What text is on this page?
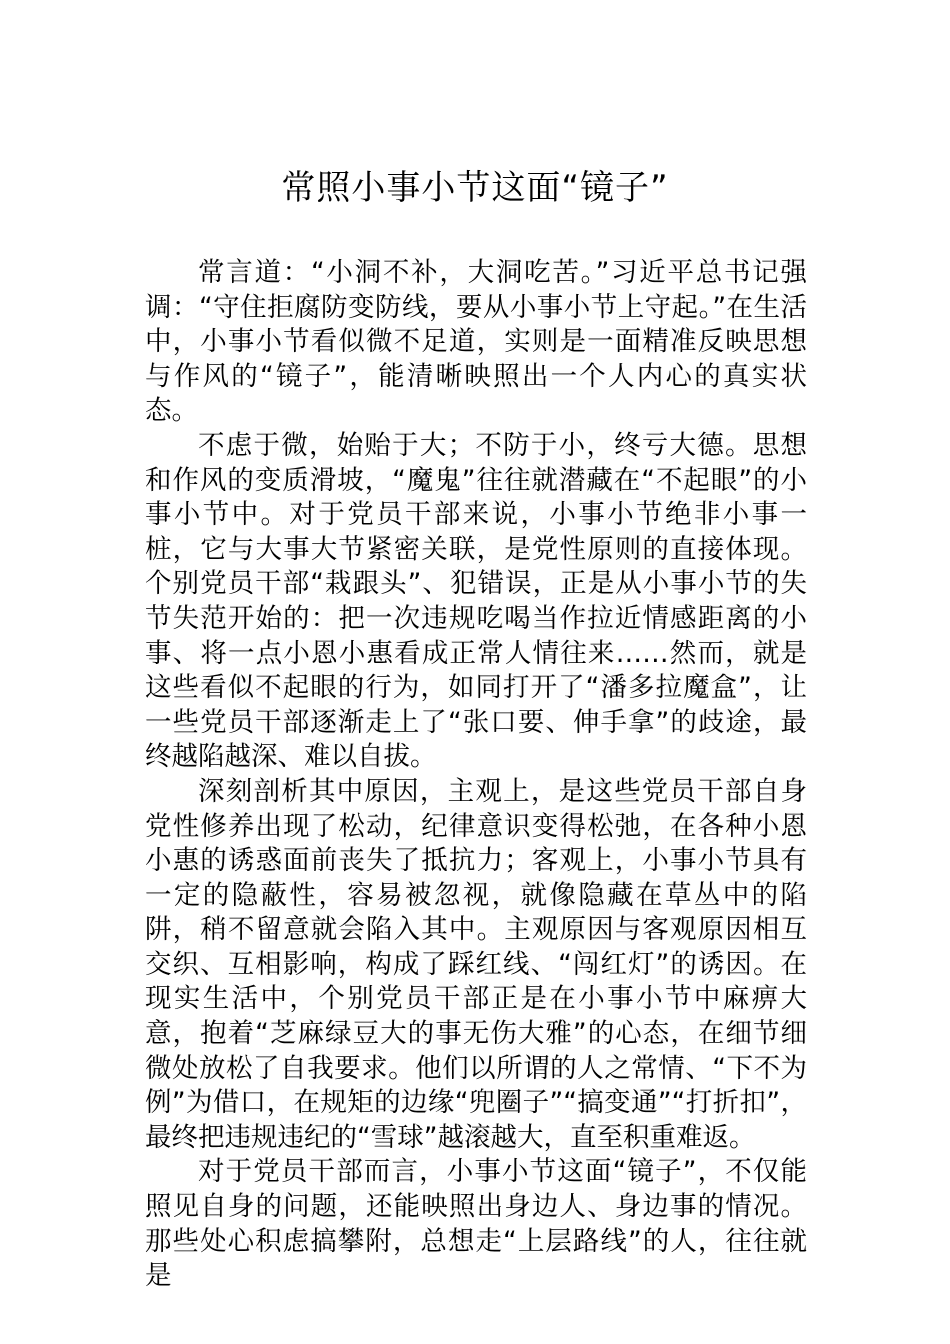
常照小事小节这面“镜子”

常言道：“小洞不补，大洞吃苦。”习近平总书记强调：“守住拒腐防变防线，要从小事小节上守起。”在生活中，小事小节看似微不足道，实则是一面精准反映思想与作风的“镜子”，能清晰映照出一个人内心的真实状态。

不虑于微，始贻于大；不防于小，终亏大德。思想和作风的变质滑坡，“魔鬼”往往就潜藏在“不起眼”的小事小节中。对于党员干部来说，小事小节绝非小事一桩，它与大事大节紧密关联，是党性原则的直接体现。个别党员干部“栽跟头”、犯错误，正是从小事小节的失节失范开始的：把一次违规吃喝当作拉近情感距离的小事、将一点小恩小惠看成正常人情往来……然而，就是这些看似不起眼的行为，如同打开了“潘多拉魔盒”，让一些党员干部逐渐走上了“张口要、伸手拿”的歧途，最终越陷越深、难以自拔。

深刻剖析其中原因，主观上，是这些党员干部自身党性修养出现了松动，纪律意识变得松弛，在各种小恩小惠的诱惑面前丧失了抵抗力；客观上，小事小节具有一定的隐蔽性，容易被忽视，就像隐藏在草丛中的陷阱，稍不留意就会陷入其中。主观原因与客观原因相互交织、互相影响，构成了踩红线、“闯红灯”的诱因。在现实生活中，个别党员干部正是在小事小节中麻痹大意，抱着“芝麻绿豆大的事无伤大雅”的心态，在细节细微处放松了自我要求。他们以所谓的人之常情、“下不为例”为借口，在规矩的边缘“兜圈子”“搞变通”“打折扣”，最终把违规违纪的“雪球”越滚越大，直至积重难返。

对于党员干部而言，小事小节这面“镜子”，不仅能照见自身的问题，还能映照出身边人、身边事的情况。那些处心积虑搞攀附，总想走“上层路线”的人，往往就是
